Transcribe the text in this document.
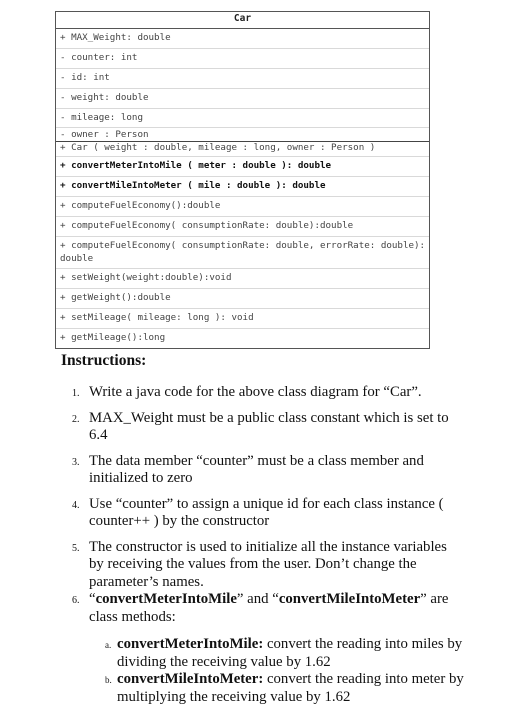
Car
+ MAX_Weight: double
- counter: int
- id: int
- weight: double
- mileage: long
- owner : Person
+ Car ( weight : double, mileage : long, owner : Person )
+ convertMeterIntoMile ( meter : double ): double
+ convertMileIntoMeter ( mile : double ): double
+ computeFuelEconomy():double
+ computeFuelEconomy( consumptionRate: double):double
+ computeFuelEconomy( consumptionRate: double, errorRate: double): double
+ setWeight(weight:double):void
+ getWeight():double
+ setMileage( mileage: long ): void
+ getMileage():long
Instructions:
1. Write a java code for the above class diagram for “Car”.
2. MAX_Weight must be a public class constant which is set to 6.4
3. The data member “counter” must be a class member and initialized to zero
4. Use “counter” to assign a unique id for each class instance ( counter++ ) by the constructor
5. The constructor is used to initialize all the instance variables by receiving the values from the user. Don’t change the parameter’s names.
6. “convertMeterIntoMile” and “convertMileIntoMeter” are class methods:
a. convertMeterIntoMile: convert the reading into miles by dividing the receiving value by 1.62
b. convertMileIntoMeter: convert the reading into meter by multiplying the receiving value by 1.62
